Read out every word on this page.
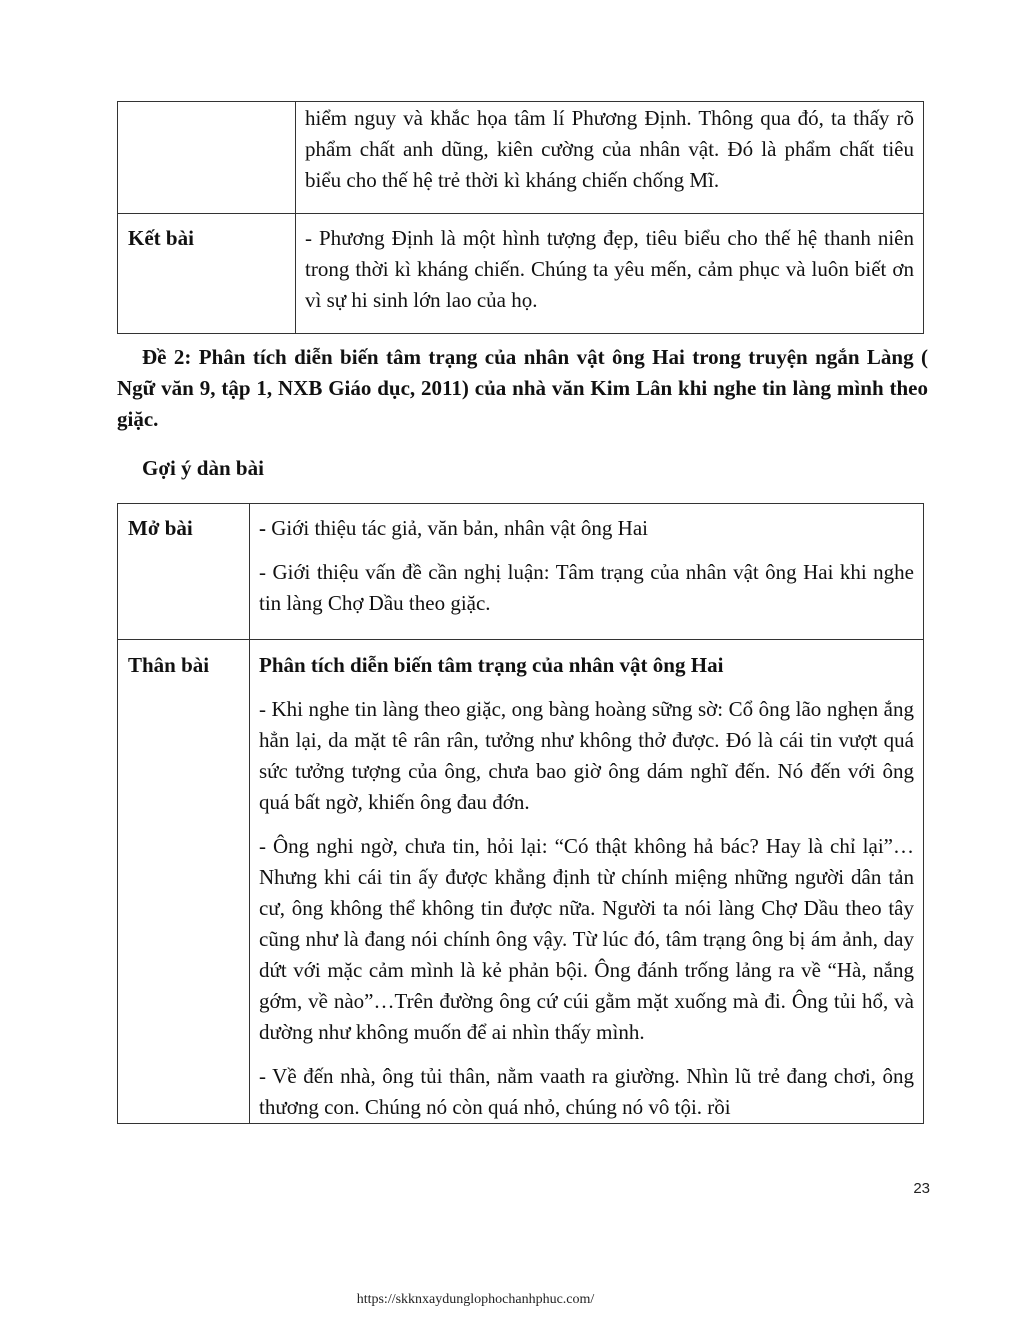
	hiểm nguy và khắc họa tâm lí Phương Định. Thông qua đó, ta thấy rõ phẩm chất anh dũng, kiên cường của nhân vật. Đó là phẩm chất tiêu biểu cho thế hệ trẻ thời kì kháng chiến chống Mĩ.

Kết bài	- Phương Định là một hình tượng đẹp, tiêu biểu cho thế hệ thanh niên trong thời kì kháng chiến. Chúng ta yêu mến, cảm phục và luôn biết ơn vì sự hi sinh lớn lao của họ.

Đề 2: Phân tích diễn biến tâm trạng của nhân vật ông Hai trong truyện ngắn Làng ( Ngữ văn 9, tập 1, NXB Giáo dục, 2011) của nhà văn Kim Lân khi nghe tin làng mình theo giặc.

Gợi ý dàn bài

Mở bài	- Giới thiệu tác giả, văn bản, nhân vật ông Hai

- Giới thiệu vấn đề cần nghị luận: Tâm trạng của nhân vật ông Hai khi nghe tin làng Chợ Dầu theo giặc.

Thân bài	Phân tích diễn biến tâm trạng của nhân vật ông Hai

- Khi nghe tin làng theo giặc, ong bàng hoàng sững sờ: Cổ ông lão nghẹn ắng hẳn lại, da mặt tê rân rân, tưởng như không thở được. Đó là cái tin vượt quá sức tưởng tượng của ông, chưa bao giờ ông dám nghĩ đến. Nó đến với ông quá bất ngờ, khiến ông đau đớn.

- Ông nghi ngờ, chưa tin, hỏi lại: “Có thật không hả bác? Hay là chỉ lại”…Nhưng khi cái tin ấy được khẳng định từ chính miệng những người dân tản cư, ông không thể không tin được nữa. Người ta nói làng Chợ Dầu theo tây cũng như là đang nói chính ông vậy. Từ lúc đó, tâm trạng ông bị ám ảnh, day dứt với mặc cảm mình là kẻ phản bội. Ông đánh trống lảng ra về “Hà, nắng gớm, về nào”…Trên đường ông cứ cúi gằm mặt xuống mà đi. Ông tủi hổ, và dường như không muốn để ai nhìn thấy mình.

- Về đến nhà, ông tủi thân, nằm vaath ra giường. Nhìn lũ trẻ đang chơi, ông thương con. Chúng nó còn quá nhỏ, chúng nó vô tội. rồi

23
https://skknxaydunglophochanhphuc.com/
